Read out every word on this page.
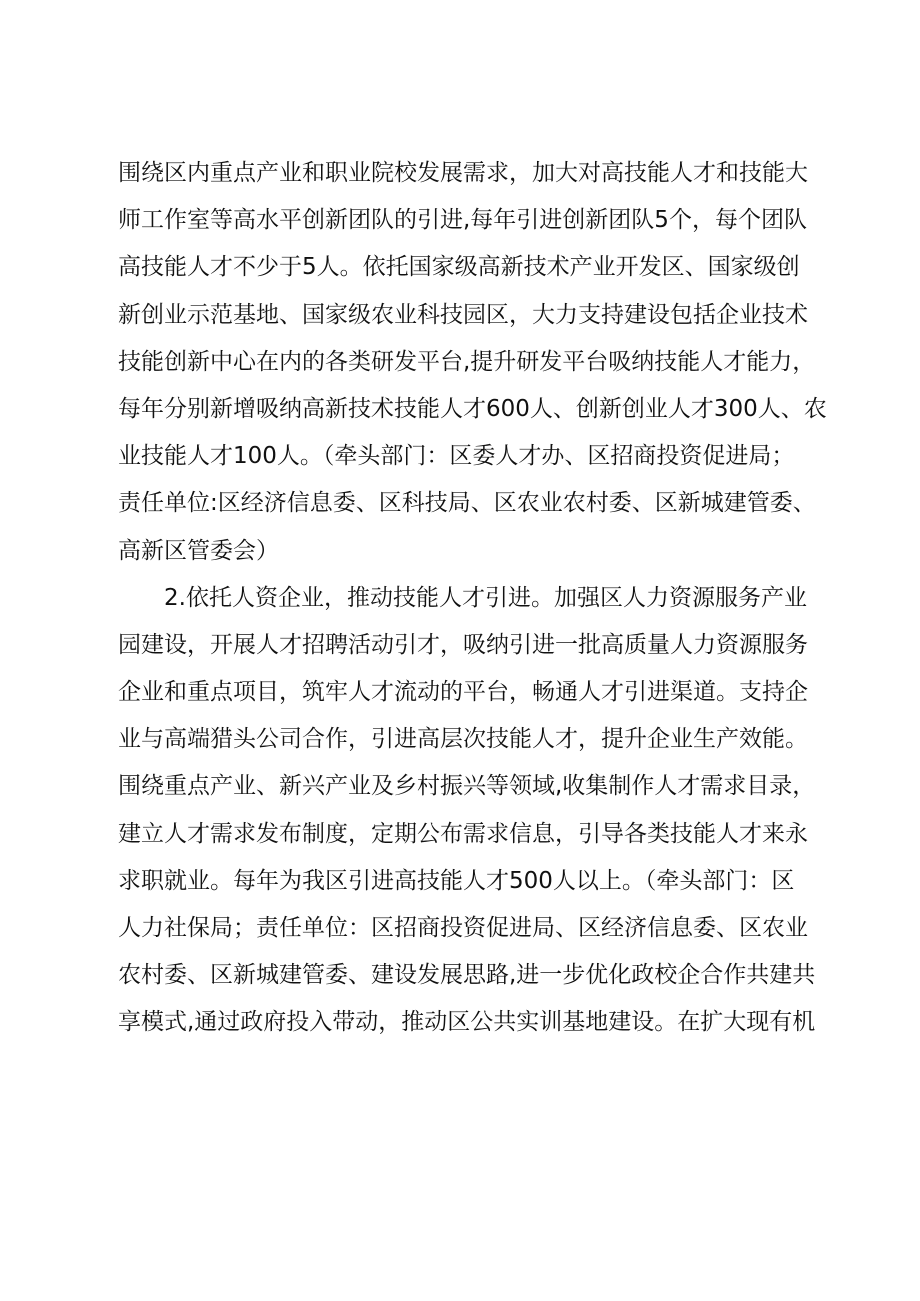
围绕区内重点产业和职业院校发展需求，加大对高技能人才和技能大
师工作室等高水平创新团队的引进,每年引进创新团队5个，每个团队
高技能人才不少于5人。依托国家级高新技术产业开发区、国家级创
新创业示范基地、国家级农业科技园区，大力支持建设包括企业技术
技能创新中心在内的各类研发平台,提升研发平台吸纳技能人才能力，
每年分别新增吸纳高新技术技能人才600人、创新创业人才300人、农
业技能人才100人。（牵头部门：区委人才办、区招商投资促进局；
责任单位:区经济信息委、区科技局、区农业农村委、区新城建管委、
高新区管委会）
2.依托人资企业，推动技能人才引进。加强区人力资源服务产业
园建设，开展人才招聘活动引才，吸纳引进一批高质量人力资源服务
企业和重点项目，筑牢人才流动的平台，畅通人才引进渠道。支持企
业与高端猎头公司合作，引进高层次技能人才，提升企业生产效能。
围绕重点产业、新兴产业及乡村振兴等领域,收集制作人才需求目录，
建立人才需求发布制度，定期公布需求信息，引导各类技能人才来永
求职就业。每年为我区引进高技能人才500人以上。（牵头部门：区
人力社保局；责任单位：区招商投资促进局、区经济信息委、区农业
农村委、区新城建管委、建设发展思路,进一步优化政校企合作共建共
享模式,通过政府投入带动，推动区公共实训基地建设。在扩大现有机
